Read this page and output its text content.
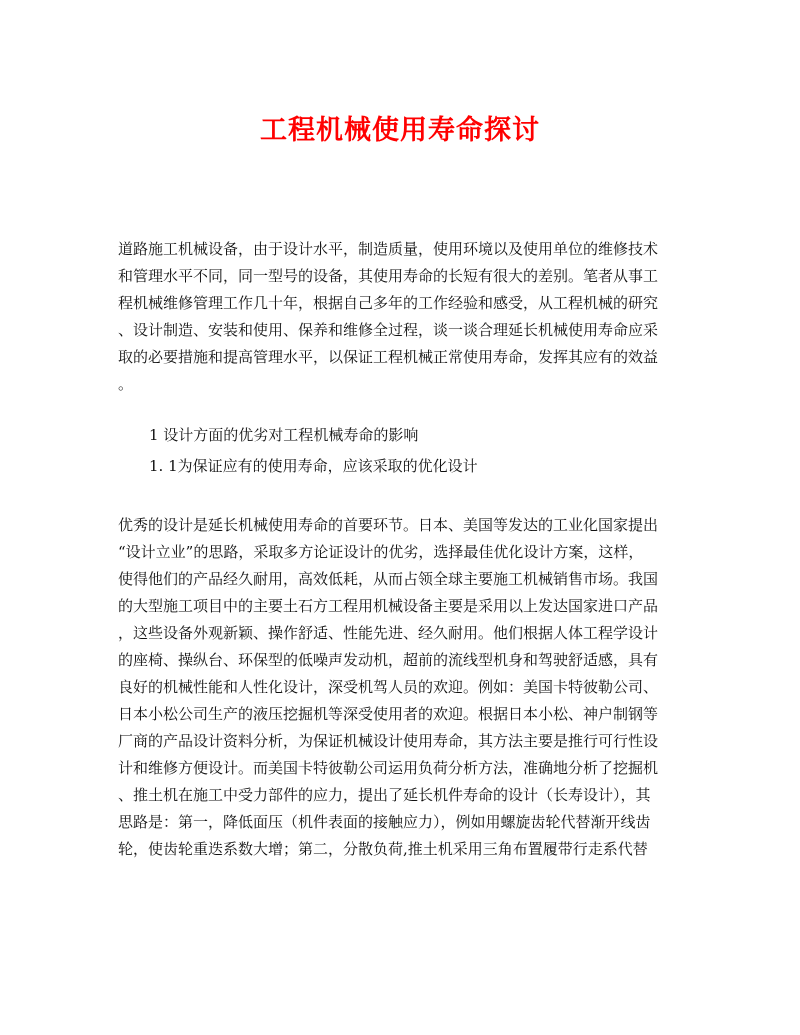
工程机械使用寿命探讨
道路施工机械设备，由于设计水平，制造质量，使用环境以及使用单位的维修技术
和管理水平不同，同一型号的设备，其使用寿命的长短有很大的差别。笔者从事工
程机械维修管理工作几十年，根据自己多年的工作经验和感受，从工程机械的研究
、设计制造、安装和使用、保养和维修全过程，谈一谈合理延长机械使用寿命应采
取的必要措施和提高管理水平，以保证工程机械正常使用寿命，发挥其应有的效益
。
1 设计方面的优劣对工程机械寿命的影响
1. 1为保证应有的使用寿命，应该采取的优化设计
优秀的设计是延长机械使用寿命的首要环节。日本、美国等发达的工业化国家提出
“设计立业”的思路，采取多方论证设计的优劣，选择最佳优化设计方案，这样，
使得他们的产品经久耐用，高效低耗，从而占领全球主要施工机械销售市场。我国
的大型施工项目中的主要土石方工程用机械设备主要是采用以上发达国家进口产品
，这些设备外观新颖、操作舒适、性能先进、经久耐用。他们根据人体工程学设计
的座椅、操纵台、环保型的低噪声发动机，超前的流线型机身和驾驶舒适感，具有
良好的机械性能和人性化设计，深受机驾人员的欢迎。例如：美国卡特彼勒公司、
日本小松公司生产的液压挖掘机等深受使用者的欢迎。根据日本小松、神户制钢等
厂商的产品设计资料分析，为保证机械设计使用寿命，其方法主要是推行可行性设
计和维修方便设计。而美国卡特彼勒公司运用负荷分析方法，准确地分析了挖掘机
、推土机在施工中受力部件的应力，提出了延长机件寿命的设计（长寿设计），其
思路是：第一，降低面压（机件表面的接触应力），例如用螺旋齿轮代替渐开线齿
轮，使齿轮重迭系数大增；第二，分散负荷,推土机采用三角布置履带行走系代替
